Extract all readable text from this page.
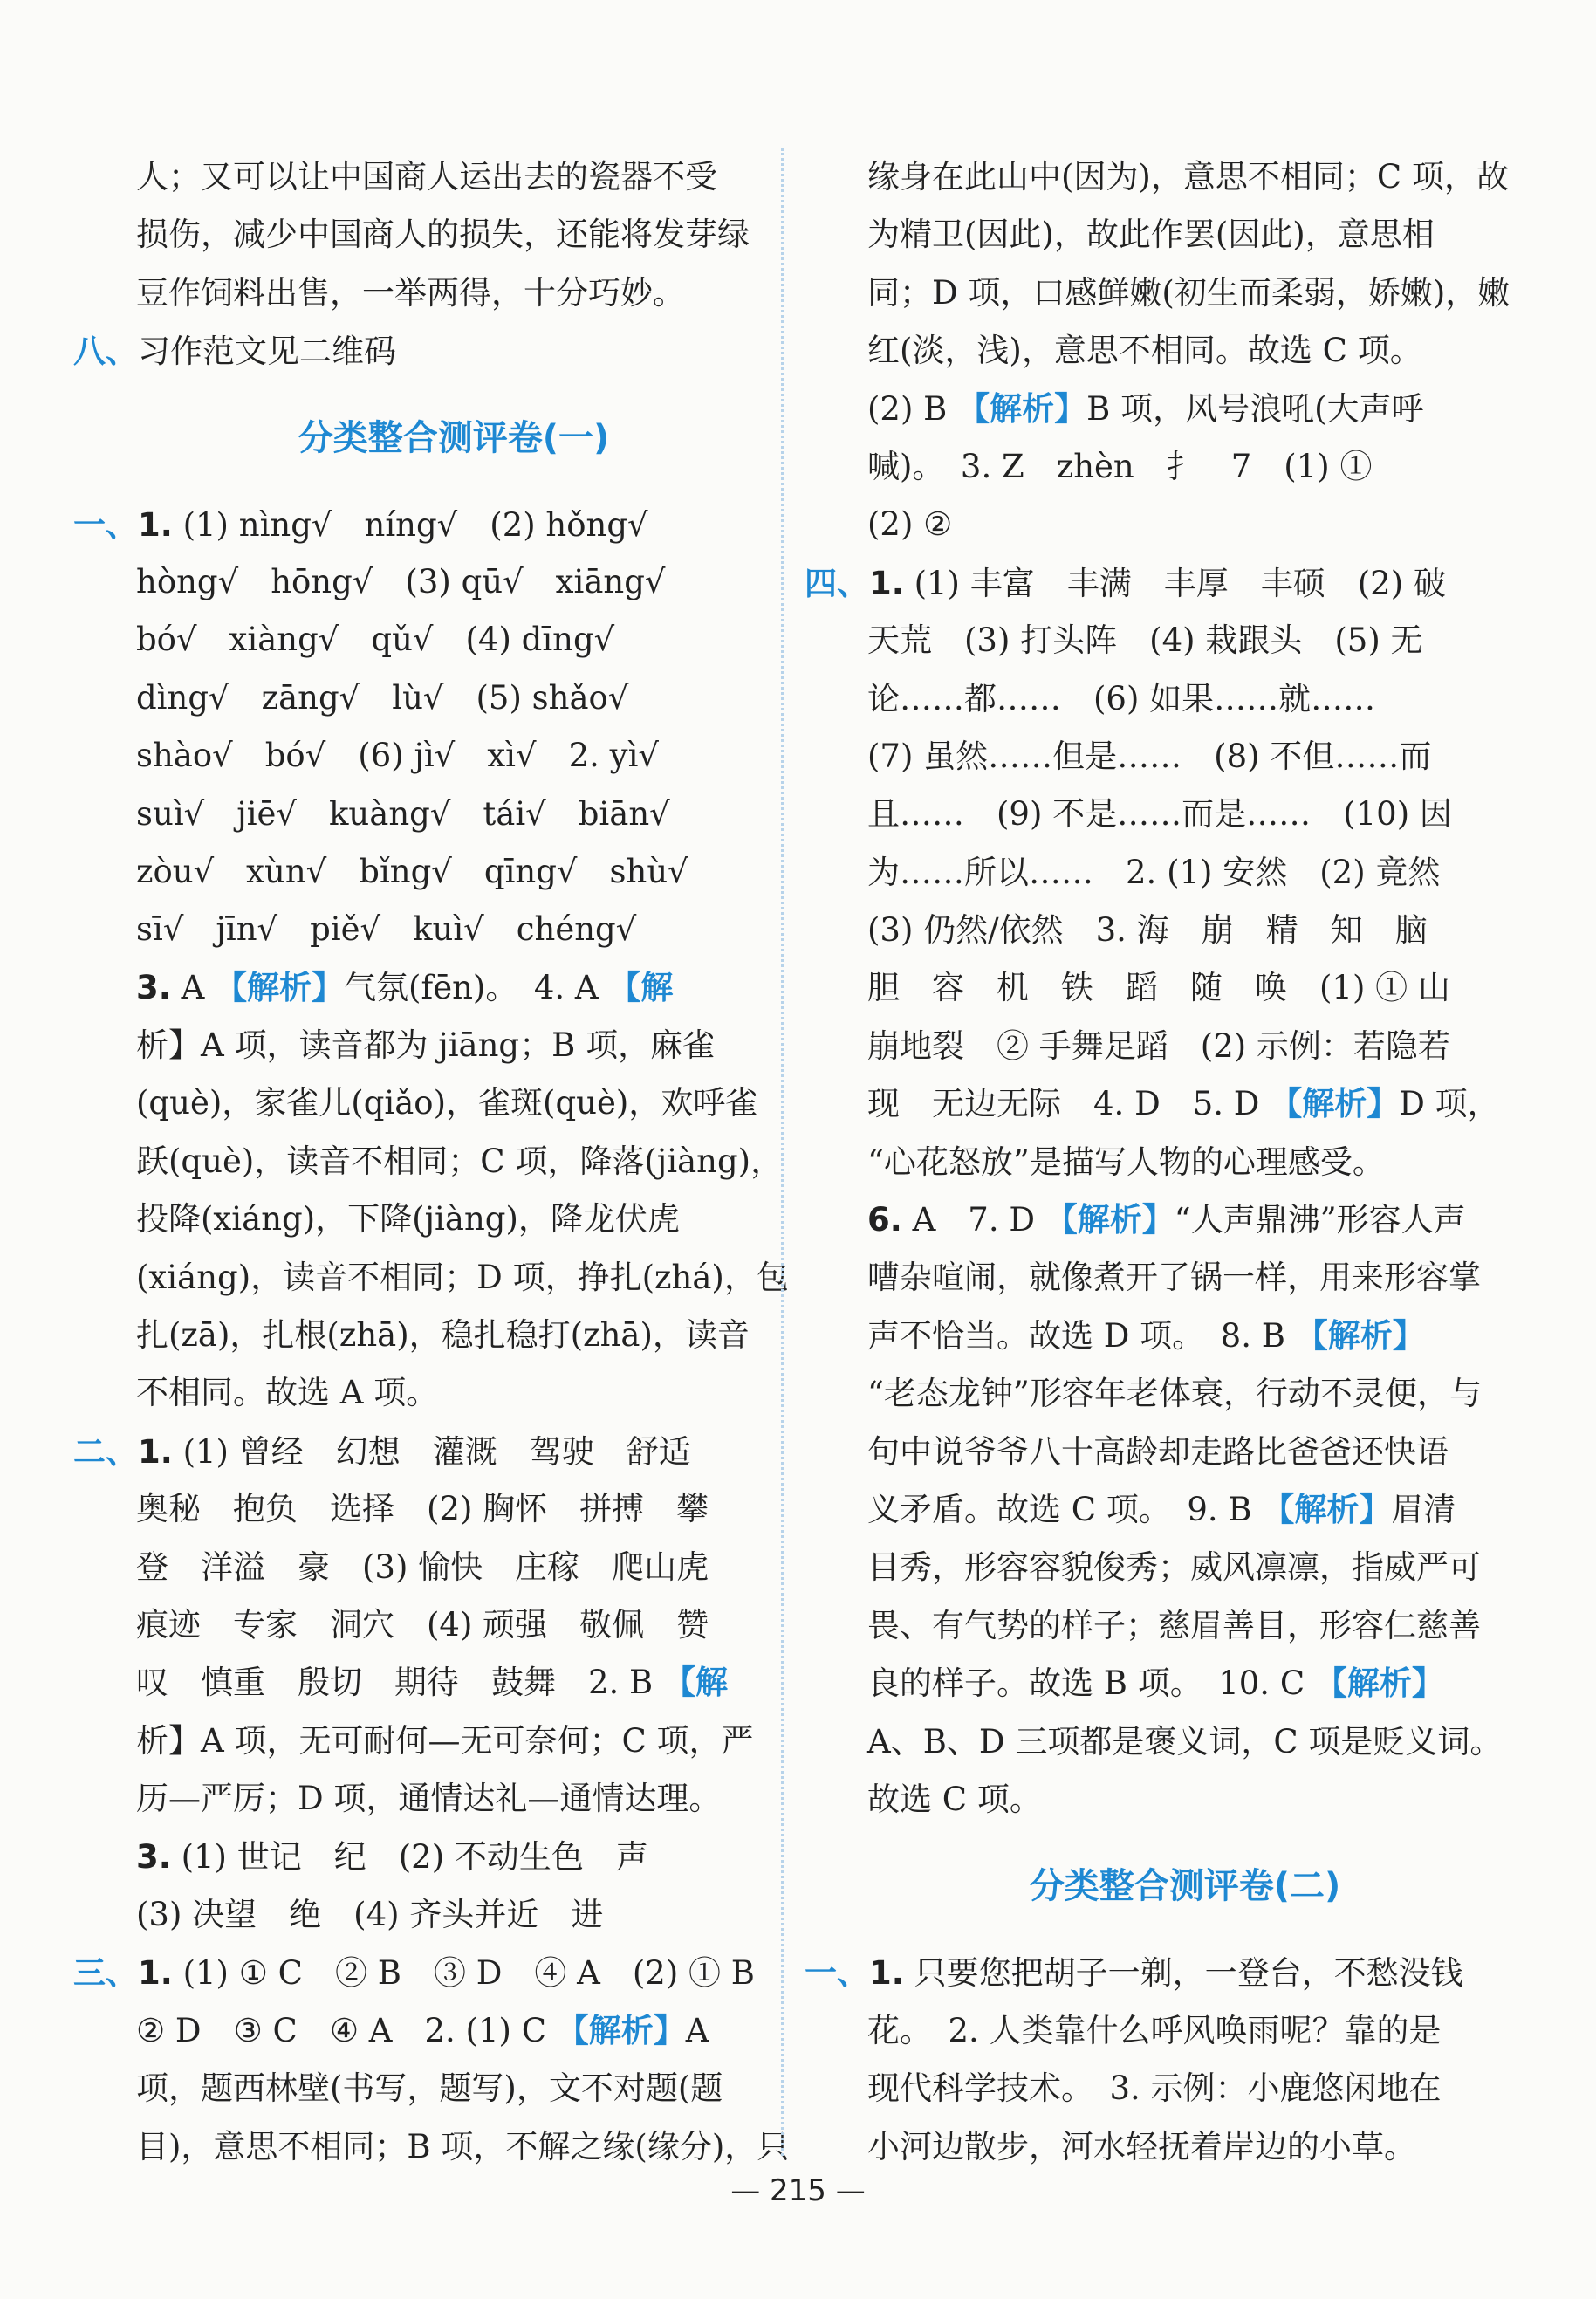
人；又可以让中国商人运出去的瓷器不受
损伤，减少中国商人的损失，还能将发芽绿
豆作饲料出售，一举两得，十分巧妙。
八、习作范文见二维码
分类整合测评卷(一)
一、1. (1) nìng√　níng√　(2) hǒng√
hòng√　hōng√　(3) qū√　xiāng√
bó√　xiàng√　qǔ√　(4) dīng√
dìng√　zāng√　lù√　(5) shǎo√
shào√　bó√　(6) jì√　xì√　2. yì√
suì√　jiē√　kuàng√　tái√　biān√
zòu√　xùn√　bǐng√　qīng√　shù√
sī√　jīn√　piě√　kuì√　chéng√
3. A 【解析】气氛(fēn)。　4. A 【解
析】A 项，读音都为 jiāng；B 项，麻雀
(què)，家雀儿(qiǎo)，雀斑(què)，欢呼雀
跃(què)，读音不相同；C 项，降落(jiàng)，
投降(xiáng)，下降(jiàng)，降龙伏虎
(xiáng)，读音不相同；D 项，挣扎(zhá)，包
扎(zā)，扎根(zhā)，稳扎稳打(zhā)，读音
不相同。故选 A 项。
二、1. (1) 曾经　幻想　灌溉　驾驶　舒适
奥秘　抱负　选择　(2) 胸怀　拼搏　攀
登　洋溢　豪　(3) 愉快　庄稼　爬山虎
痕迹　专家　洞穴　(4) 顽强　敬佩　赞
叹　慎重　殷切　期待　鼓舞　2. B 【解
析】A 项，无可耐何—无可奈何；C 项，严
历—严厉；D 项，通情达礼—通情达理。
3. (1) 世记　纪　(2) 不动生色　声
(3) 决望　绝　(4) 齐头并近　进
三、1. (1) ① C　② B　③ D　④ A　(2) ① B
② D　③ C　④ A　2. (1) C 【解析】A
项，题西林壁(书写，题写)，文不对题(题
目)，意思不相同；B 项，不解之缘(缘分)，只
缘身在此山中(因为)，意思不相同；C 项，故
为精卫(因此)，故此作罢(因此)，意思相
同；D 项，口感鲜嫩(初生而柔弱，娇嫩)，嫩
红(淡，浅)，意思不相同。故选 C 项。
(2) B 【解析】B 项，风号浪吼(大声呼
喊)。　3. Z　zhèn　扌　7　(1) ①
(2) ②
四、1. (1) 丰富　丰满　丰厚　丰硕　(2) 破
天荒　(3) 打头阵　(4) 栽跟头　(5) 无
论……都……　(6) 如果……就……
(7) 虽然……但是……　(8) 不但……而
且……　(9) 不是……而是……　(10) 因
为……所以……　2. (1) 安然　(2) 竟然
(3) 仍然/依然　3. 海　崩　精　知　脑
胆　容　机　铁　蹈　随　唤　(1) ① 山
崩地裂　② 手舞足蹈　(2) 示例：若隐若
现　无边无际　4. D　5. D 【解析】D 项，
“心花怒放”是描写人物的心理感受。
6. A　7. D 【解析】“人声鼎沸”形容人声
嘈杂喧闹，就像煮开了锅一样，用来形容掌
声不恰当。故选 D 项。　8. B 【解析】
“老态龙钟”形容年老体衰，行动不灵便，与
句中说爷爷八十高龄却走路比爸爸还快语
义矛盾。故选 C 项。　9. B 【解析】眉清
目秀，形容容貌俊秀；威风凛凛，指威严可
畏、有气势的样子；慈眉善目，形容仁慈善
良的样子。故选 B 项。　10. C 【解析】
A、B、D 三项都是褒义词，C 项是贬义词。
故选 C 项。
分类整合测评卷(二)
一、1. 只要您把胡子一剃，一登台，不愁没钱
花。　2. 人类靠什么呼风唤雨呢？靠的是
现代科学技术。　3. 示例：小鹿悠闲地在
小河边散步，河水轻抚着岸边的小草。
— 215 —
